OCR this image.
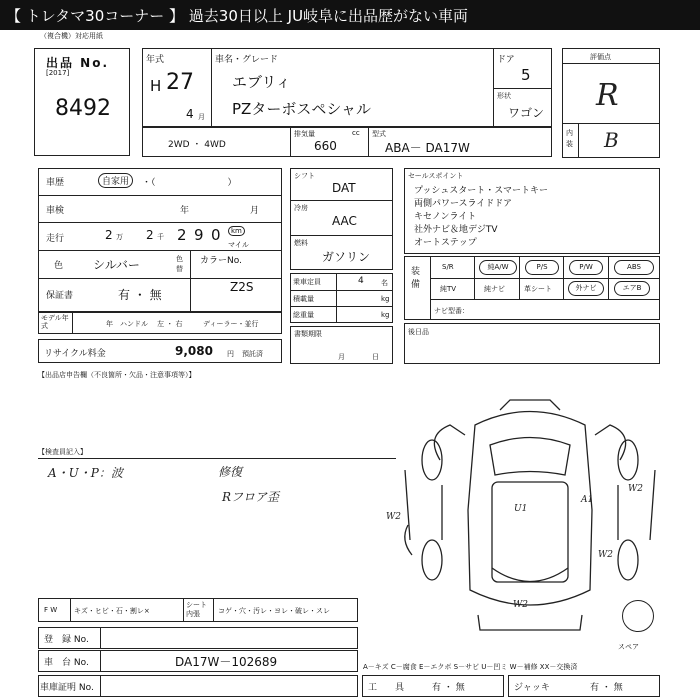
【 トレタマ30コーナー 】 過去30日以上 JU岐阜に出品歴がない車両
（複合機）対応用紙
出品 No.
[2017]
8492
年式
H 27
4 月
車名・グレード
エブリィ
PZターボスペシャル
ドア
5
形状
ワゴン
評価点
R
内装 B
2WD ・ 4WD
排気量	cc
660
型式
ABA－ DA17W
車歴	自家用	・（　　　　　　　　）
車検	年	月
走行	2 万 2 千 2 9 0	km
マイル
色 シルバー	色替
カラーNo.
Z2S
保証書	有 ・ 無
モデル年式	年 ハンドル 左 ・ 右	ディーラー・並行
リサイクル料金	9,080 円 預託済
シフト
DAT
冷房
AAC
燃料
ガソリン
乗車定員	4 名
積載量	kg
総重量	kg
書類期限
月	日
セールスポイント
プッシュスタート・スマートキー
両側パワースライドドア
キセノンライト
社外ナビ＆地デジTV
オートステップ
装備
S/R	純A/W	P/S	P/W	ABS
純TV	純ナビ	革シート	外ナビ	エアB
ナビ型番：
後日品
【出品店申告欄（不良箇所・欠品・注意事項等）】
【検査員記入】
A・U・P：波	修復
Rフロア歪
W2
W2
U1
A1
W2
W2
スペア
F W キズ・ヒビ・石・割レ×
シート内張	コゲ・穴・汚レ・ヨレ・破レ・スレ
登　録 No.
車　台 No.	DA17W－102689	A－キズ C－腐食 E－エクボ S－サビ U－凹ミ W－補修 XX－交換済
車庫証明 No.	工　　具	有 ・ 無	ジャッキ	有 ・ 無
